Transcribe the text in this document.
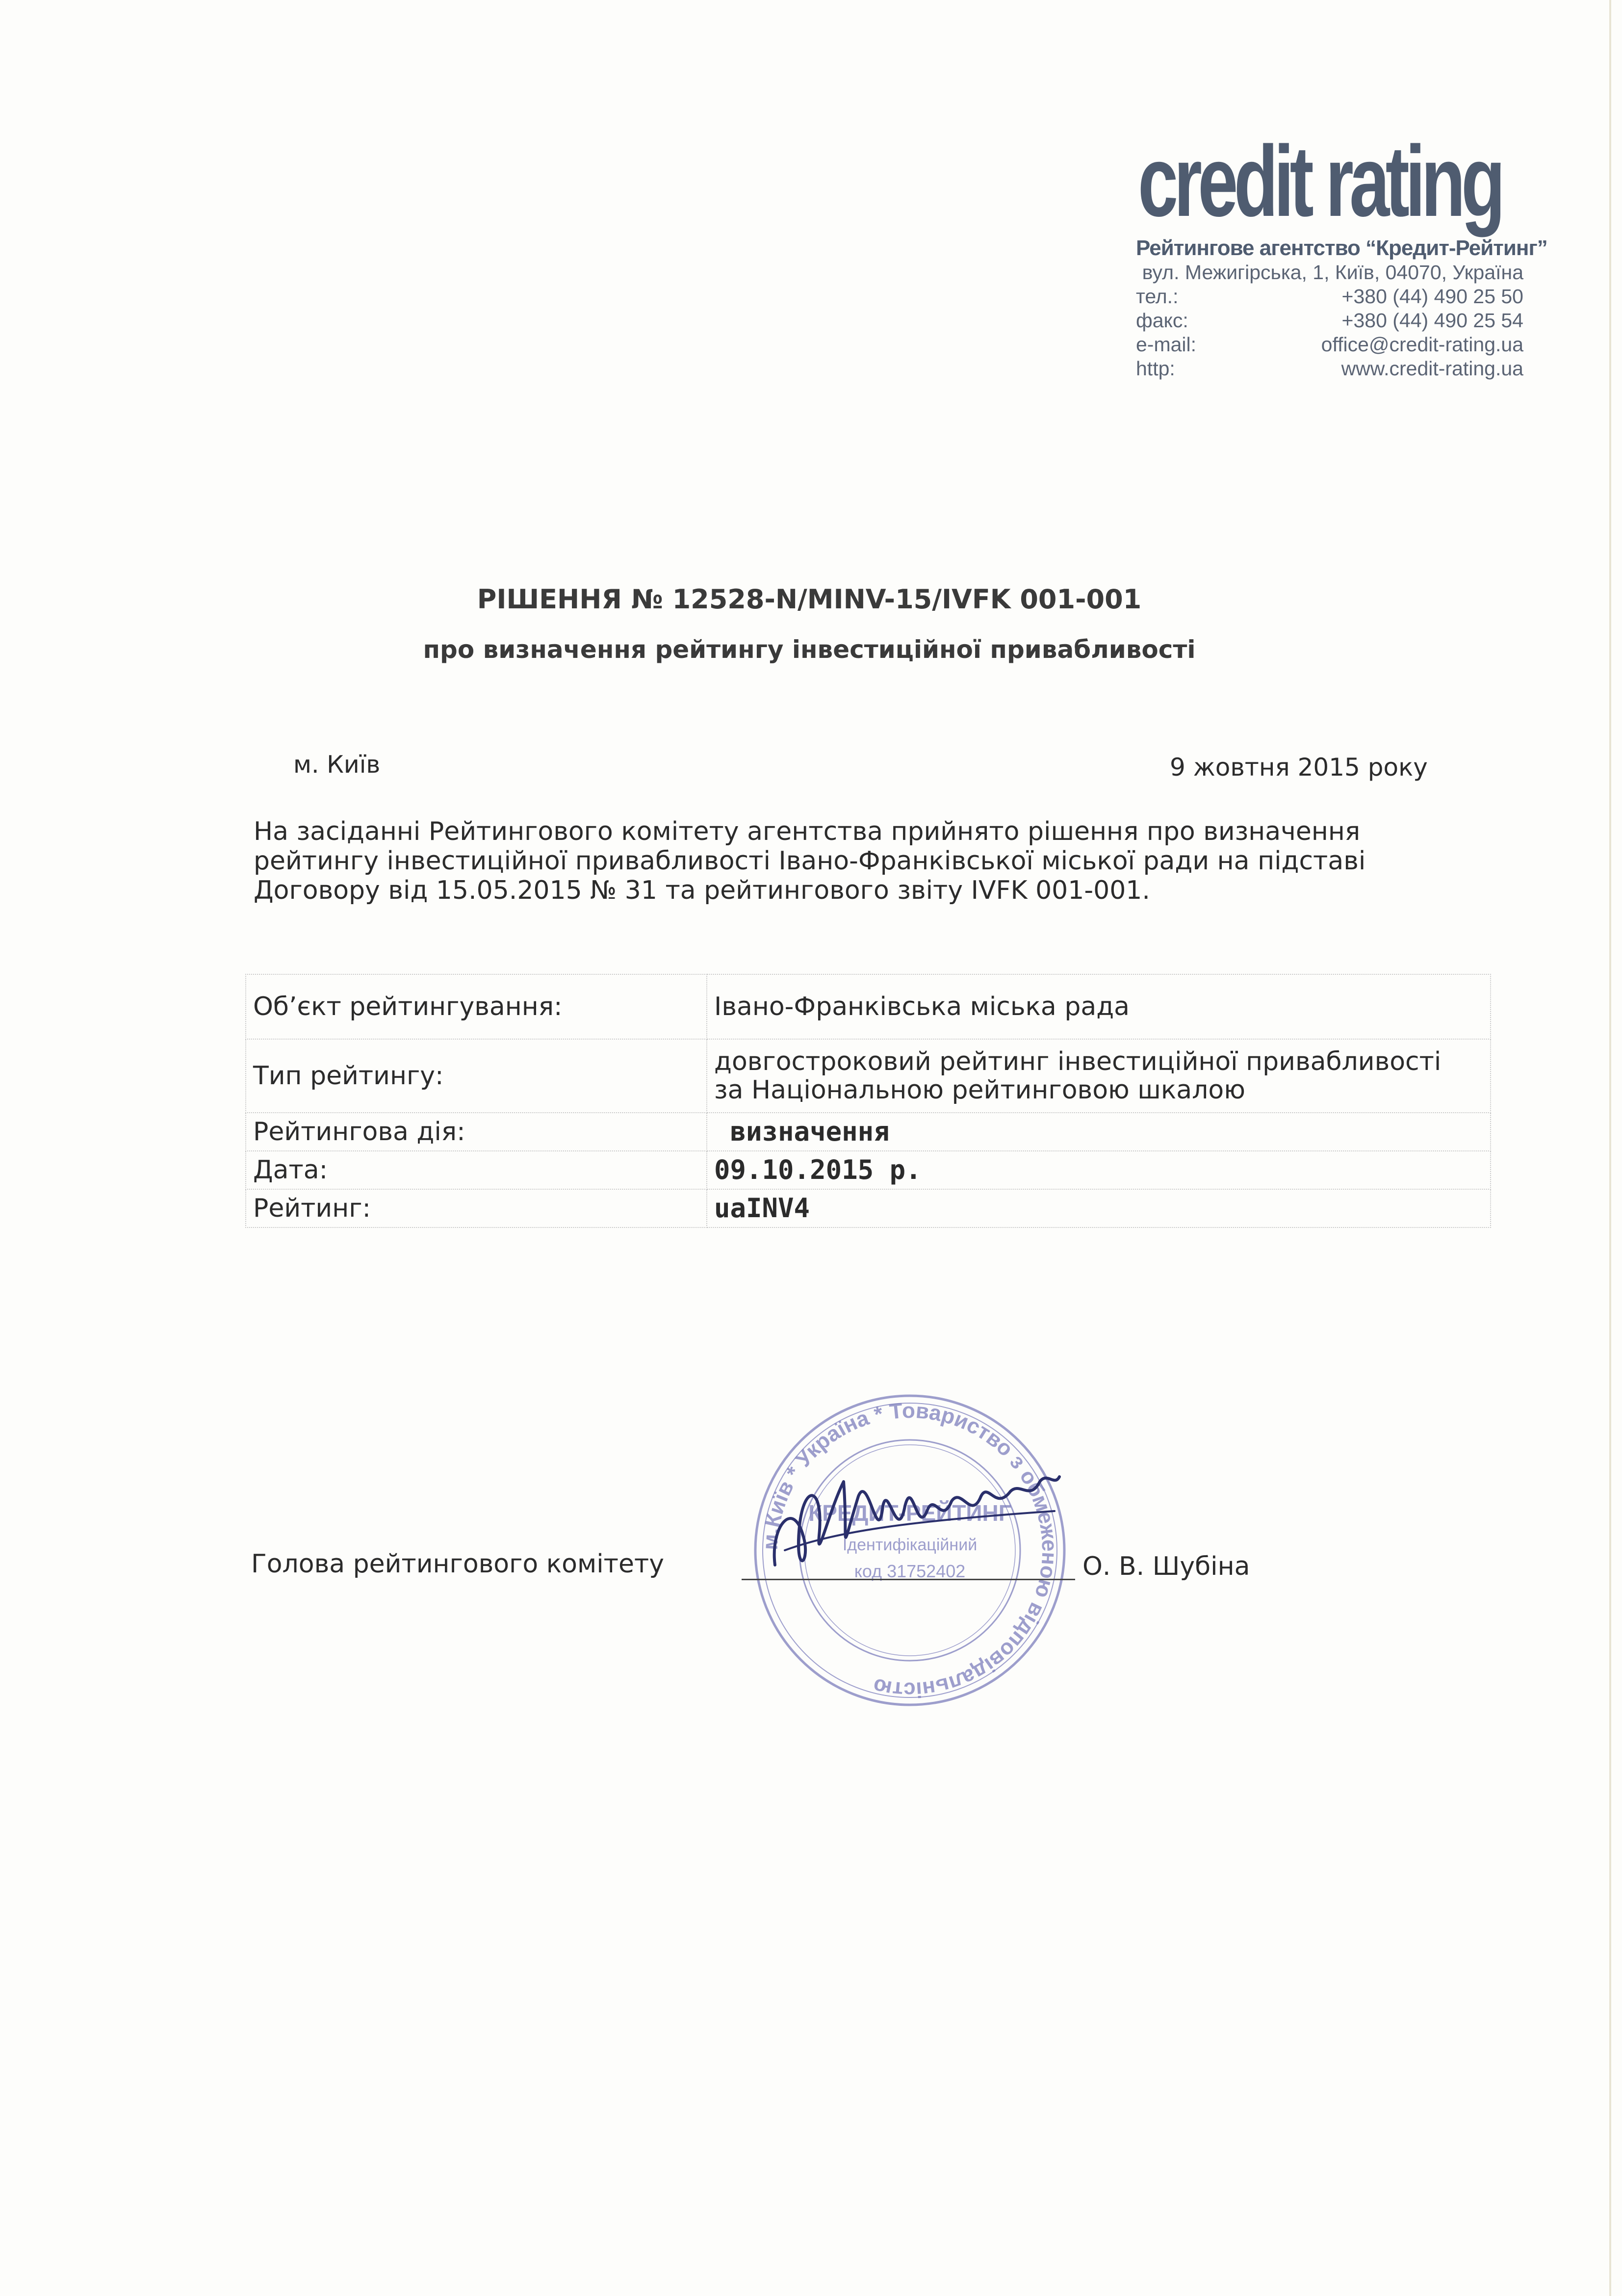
credit rating
Рейтингове агентство “Кредит-Рейтинг”
вул. Межигірська, 1, Київ, 04070, Україна
тел.:	+380 (44) 490 25 50
факс:	+380 (44) 490 25 54
e-mail:	office@credit-rating.ua
http:	www.credit-rating.ua
РІШЕННЯ № 12528-N/MINV-15/IVFK 001-001
про визначення рейтингу інвестиційної привабливості
м. Київ	9 жовтня 2015 року
На засіданні Рейтингового комітету агентства прийнято рішення про визначення
рейтингу інвестиційної привабливості Івано-Франківської міської ради на підставі
Договору від 15.05.2015 № 31 та рейтингового звіту IVFK 001-001.
Об’єкт рейтингування:	Івано-Франківська міська рада
Тип рейтингу:	довгостроковий рейтинг інвестиційної привабливості
за Національною рейтинговою шкалою

Рейтингова дія:	визначення
Дата:	09.10.2015 р.
Рейтинг:	uaINV4
м.Київ * Україна * Товариство з обмеженою відповідальністю
КРЕДИТ-РЕЙТИНГ
Ідентифікаційний
код 31752402
Голова рейтингового комітету	О. В. Шубіна
